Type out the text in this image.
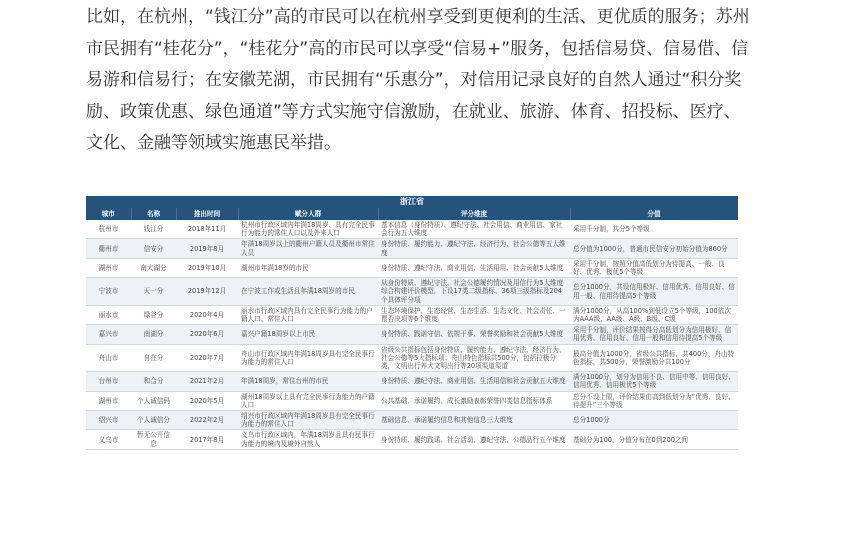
比如，在杭州，“钱江分”高的市民可以在杭州享受到更便利的生活、更优质的服务；苏州市民拥有“桂花分”，“桂花分”高的市民可以享受“信易+”服务，包括信易贷、信易借、信易游和信易行；在安徽芜湖，市民拥有“乐惠分”，对信用记录良好的自然人通过“积分奖励、政策优惠、绿色通道”等方式实施守信激励，在就业、旅游、体育、招投标、医疗、文化、金融等领域实施惠民举措。

浙江省
城市	名称	推出时间	赋分人群	评分维度	分值
杭州市	钱江分	2018年11月	杭州市行政区域内年满18周岁、具有完全民事行为能力的常住人口以及外来人口	基本信息（身份特质）、遵纪守法、社会用信、商业用信、家社会行为五大维度	采用千分制，共分5个等级
衢州市	信安分	2019年8月	年满18周岁以上的衢州户籍人员及衢州市常住人员	身份特质、履约能力、遵纪守法、经济行为、社会公德等五大维度	总分值为1000分，普通市民信安分初始分值为860分
湖州市	南太湖分	2019年10月	湖州市年满18岁的市民	身份特质、遵纪守法、商业用信、生活用用、社会贡献5大维度	采用千分制，按照分值高低划分为待提高、一般、良好、优秀、极优5个等级
宁波市	天一分	2019年12月	在宁波工作或生活且年满18周岁的市民	从身份特质、遵纪守法、社会公德履约情况及用信行为5大维度综合构建评价模型，下设17类二级指标、36项三级指标及204个具体评分项	总分1000分，共设信用极好、信用优秀、信用良好、信用一般、信用待提高5个等级
丽水市	绿谷分	2020年4月	丽水市行政区域内具有完全民事行为能力的户籍人口、常住人口	生态环境保护、生态经营、生态生活、生态文化、社会责任、一票否决项等6个维度	满分1000分，从高100%到低设立5个等级，100依次为AAA级、AA级、A级、B级、C级
嘉兴市	南湖分	2020年6月	嘉兴户籍18周岁以上市民	身份特质、践诺守信、依规干事、荣誉奖励和社会贡献5大维度	采用千分制，评价结果按得分高低划分为信用极好、信用优秀、信用良好、信用一般和信用待提高5个等级
舟山市	自在分	2020年7月	舟山市行政区域内年满18周岁具有完全民事行为能力的常住人口	省级公共指标包括身份特质、履约能力、遵纪守法、经济行为、社会公德等5大指标项；舟山特色指标共500分，包括拉极分类，文明出行养犬文明出行等20项渠道渠道	最高分值为1000分，省级公共指标，共400分，舟山特色指标，共500分，荣誉激励分共100分
台州市	和合分	2021年2月	年满18周岁，常住台州的市民	身份特质、遵纪守法、商业用信、生活用信和社会贡献五大维度	满分1000分，划分为信用不良、信用中等、信用良好、信用优秀、信用极优5个等级
湖州市	个人诚信码	2020年5月	湖州18周岁以上具有完全民事行为能力的户籍人口	公共基础、承诺履约、成长激励表彰荣誉四类信息指标体系	总分不设上限，评价结果由高到低划分为“优秀、良好、待提升”三个等级
绍兴市	个人诚信分	2022年2月	绍兴市行政区域内年满18周岁具有完全民事行为能力的常住人口	基础信息、承诺履约信息和其他信息三大维度	总分1000分
义乌市	暂无公开信息	2017年8月	义乌市行政区域内，年满18周岁且具有民事行为能力的境内及境外自然人	身份特质、履约践诺、社会活动、遵纪守法、公德品行五个维度	基础分为100，分值分布在0到200之间
